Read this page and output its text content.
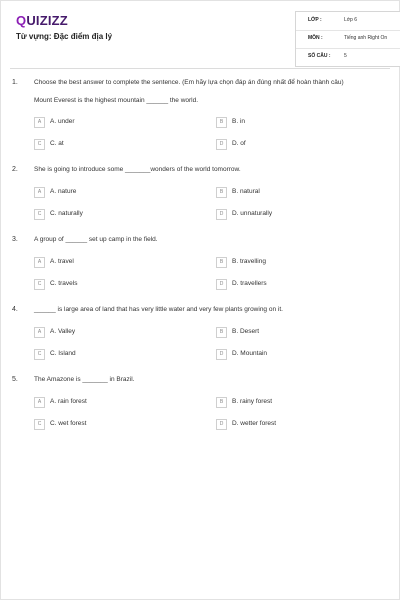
QUIZIZZ
Từ vựng: Đặc điểm địa lý
LỚP :	Lớp 6
MÔN :	Tiếng anh Right On
SỐ CÂU :	5
1. Choose the best answer to complete the sentence. (Em hãy lựa chọn đáp án đúng nhất để hoàn thành câu)
Mount Everest is the highest mountain ______ the world.
A	A. under	B	B. in
C	C. at	D	D. of
2. She is going to introduce some _______wonders of the world tomorrow.
A	A. nature	B	B. natural
C	C. naturally	D	D. unnaturally
3. A group of ______ set up camp in the field.
A	A. travel	B	B. travelling
C	C. travels	D	D. travellers
4. ______ is large area of land that has very little water and very few plants growing on it.
A	A. Valley	B	B. Desert
C	C. Island	D	D. Mountain
5. The Amazone is _______ in Brazil.
A	A. rain forest	B	B. rainy forest
C	C. wet forest	D	D. wetter forest
